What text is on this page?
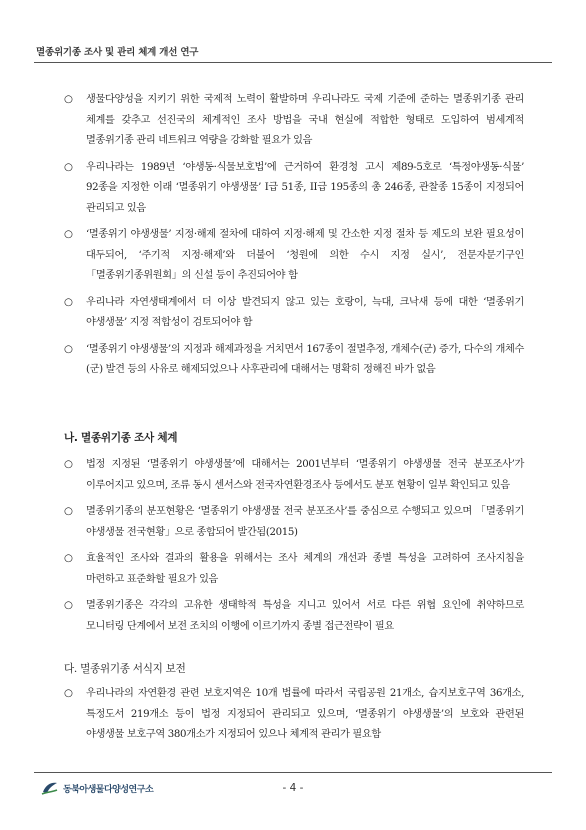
멸종위기종 조사 및 관리 체계 개선 연구
○	생물다양성을 지키기 위한 국제적 노력이 활발하며 우리나라도 국제 기준에 준하는 멸종위기종 관리 체계를 갖추고 선진국의 체계적인 조사 방법을 국내 현실에 적합한 형태로 도입하여 범세계적 멸종위기종 관리 네트워크 역량을 강화할 필요가 있음
○	우리나라는 1989년 ‘야생동·식물보호법’에 근거하여 환경청 고시 제89-5호로 ‘특정야생동·식물’ 92종을 지정한 이래 ‘멸종위기 야생생물’ I급 51종, II급 195종의 총 246종, 관찰종 15종이 지정되어 관리되고 있음
○	‘멸종위기 야생생물’ 지정·해제 절차에 대하여 지정·해제 및 간소한 지정 절차 등 제도의 보완 필요성이 대두되어, ‘주기적 지정·해제’와 더불어 ‘청원에 의한 수시 지정 실시’, 전문자문기구인 「멸종위기종위원회」의 신설 등이 추진되어야 함
○	우리나라 자연생태계에서 더 이상 발견되지 않고 있는 호랑이, 늑대, 크낙새 등에 대한 ‘멸종위기 야생생물’ 지정 적합성이 검토되어야 함
○	‘멸종위기 야생생물’의 지정과 해제과정을 거치면서 167종이 절멸추정, 개체수(군) 증가, 다수의 개체수(군) 발견 등의 사유로 해제되었으나 사후관리에 대해서는 명확히 정해진 바가 없음
나. 멸종위기종 조사 체계
○	법정 지정된 ‘멸종위기 야생생물’에 대해서는 2001년부터 ‘멸종위기 야생생물 전국 분포조사’가 이루어지고 있으며, 조류 동시 센서스와 전국자연환경조사 등에서도 분포 현황이 일부 확인되고 있음
○	멸종위기종의 분포현황은 ‘멸종위기 야생생물 전국 분포조사’를 중심으로 수행되고 있으며 「멸종위기 야생생물 전국현황」으로 종합되어 발간됨(2015)
○	효율적인 조사와 결과의 활용을 위해서는 조사 체계의 개선과 종별 특성을 고려하여 조사지침을 마련하고 표준화할 필요가 있음
○	멸종위기종은 각각의 고유한 생태학적 특성을 지니고 있어서 서로 다른 위협 요인에 취약하므로 모니터링 단계에서 보전 조치의 이행에 이르기까지 종별 접근전략이 필요
다. 멸종위기종 서식지 보전
○	우리나라의 자연환경 관련 보호지역은 10개 법률에 따라서 국립공원 21개소, 습지보호구역 36개소, 특정도서 219개소 등이 법정 지정되어 관리되고 있으며, ‘멸종위기 야생생물’의 보호와 관련된 야생생물 보호구역 380개소가 지정되어 있으나 체계적 관리가 필요함
동북아생물다양성연구소	- 4 -
